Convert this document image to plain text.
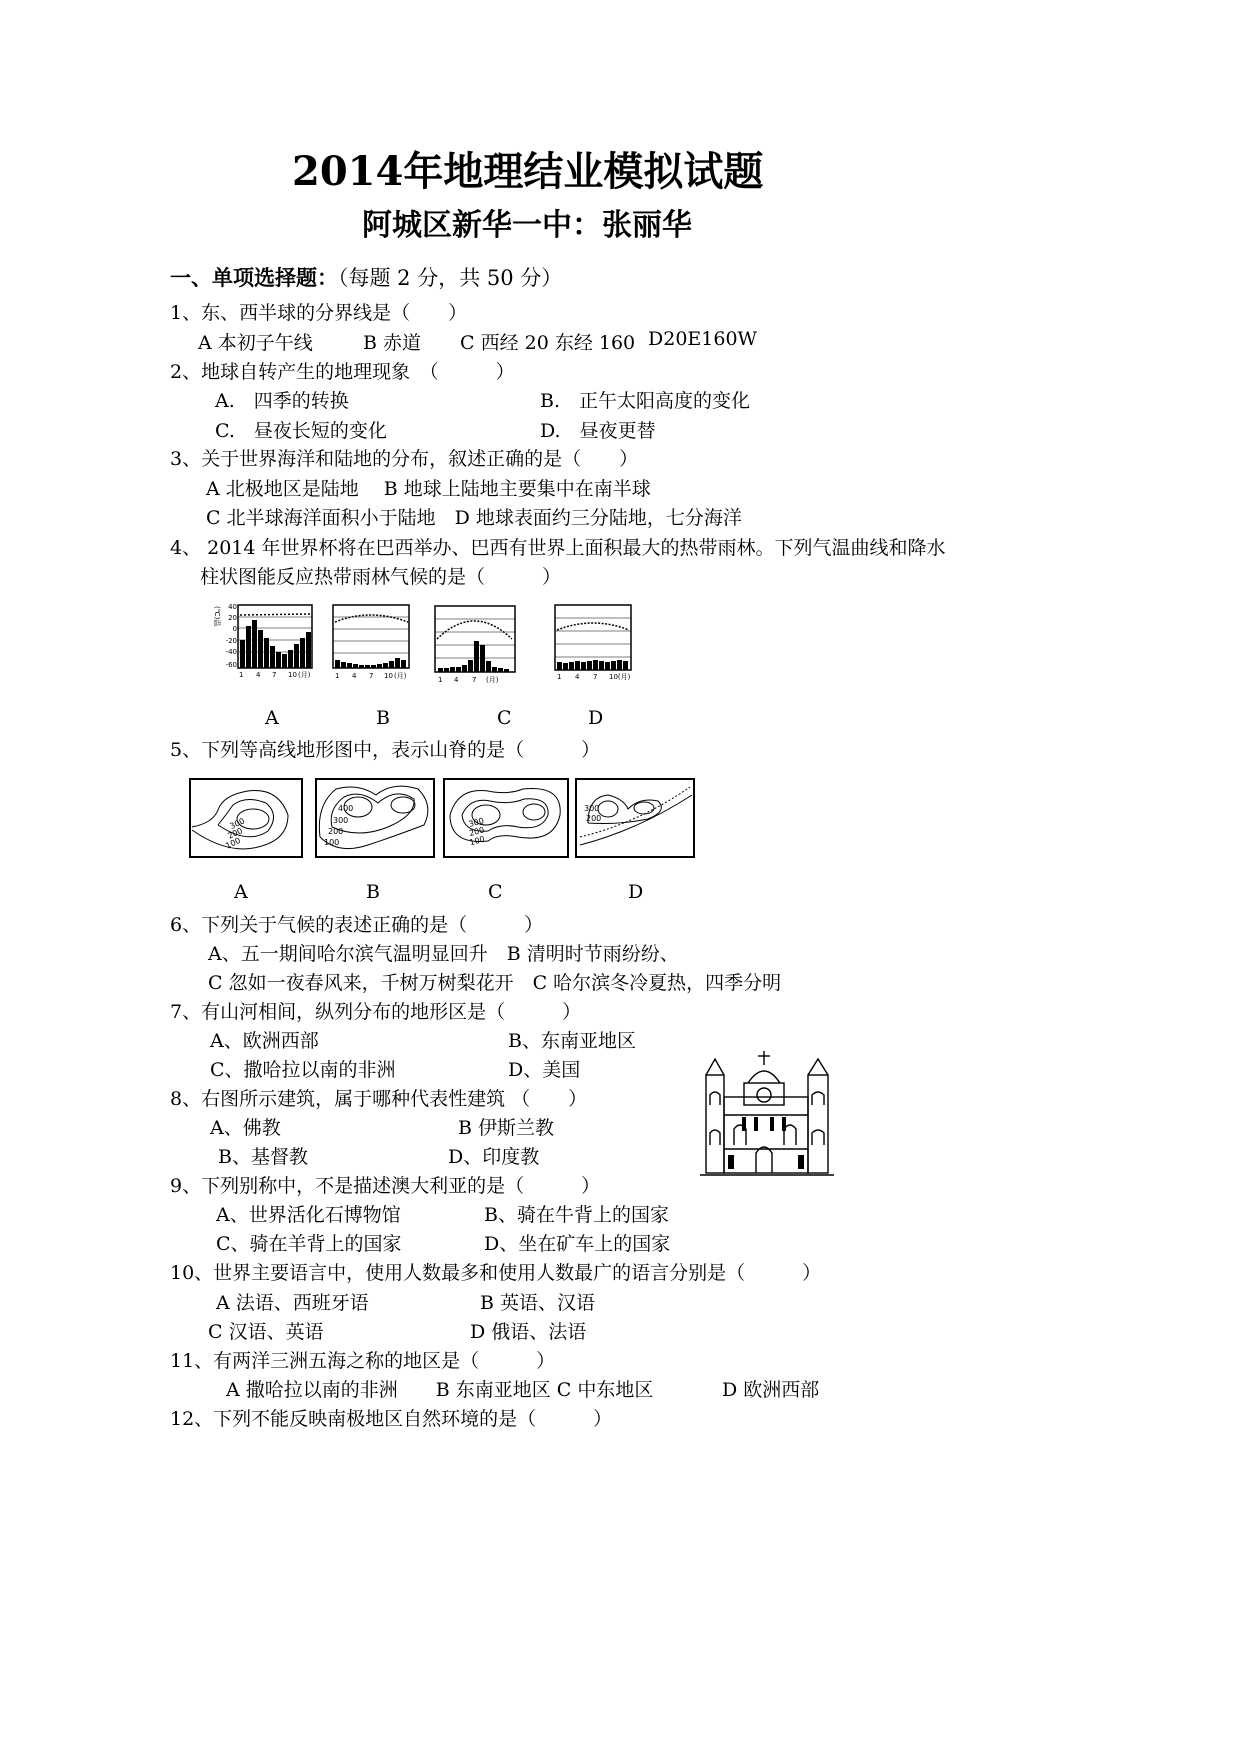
2014年地理结业模拟试题
阿城区新华一中：张丽华
一、单项选择题：（每题 2 分，共 50 分）
1、东、西半球的分界线是（　　）
A 本初子午线	B 赤道 C 西经 20 东经 160 D20E160W
2、地球自转产生的地理现象　（　　　）
A.　四季的转换	B.　正午太阳高度的变化
C.　昼夜长短的变化	D.　昼夜更替
3、关于世界海洋和陆地的分布，叙述正确的是（　　）
A 北极地区是陆地　 B 地球上陆地主要集中在南半球
C 北半球海洋面积小于陆地　D 地球表面约三分陆地，七分海洋
4、 2014 年世界杯将在巴西举办、巴西有世界上面积最大的热带雨林。下列气温曲线和降水
柱状图能反应热带雨林气候的是（　　　）
(℃)温 40
20
0
-20
-40
-60
1 4 7 10 (月)	1 4 7 10 (月)	1 4 7 (月)	1 4 7 10(月)
A	B	C	D
5、下列等高线地形图中，表示山脊的是（　　　）
300
200
100
400
300
200
100
300
200
100
300
200
A	B	C	D
6、下列关于气候的表述正确的是（　　　）
A、五一期间哈尔滨气温明显回升　B 清明时节雨纷纷、
C 忽如一夜春风来，千树万树梨花开　C 哈尔滨冬冷夏热，四季分明
7、有山河相间，纵列分布的地形区是（　　　）
A、欧洲西部	B、东南亚地区
C、撒哈拉以南的非洲	D、美国
8、右图所示建筑，属于哪种代表性建筑 （　　）
A、佛教	B 伊斯兰教
B、基督教	D、印度教
9、下列别称中，不是描述澳大利亚的是（　　　）
A、世界活化石博物馆	B、骑在牛背上的国家
C、骑在羊背上的国家	D、坐在矿车上的国家
10、世界主要语言中，使用人数最多和使用人数最广的语言分别是（　　　）
A 法语、西班牙语	B 英语、汉语
C 汉语、英语	D 俄语、法语
11、有两洋三洲五海之称的地区是（　　　）
A 撒哈拉以南的非洲　　B 东南亚地区 C 中东地区	D 欧洲西部
12、下列不能反映南极地区自然环境的是（　　　）
